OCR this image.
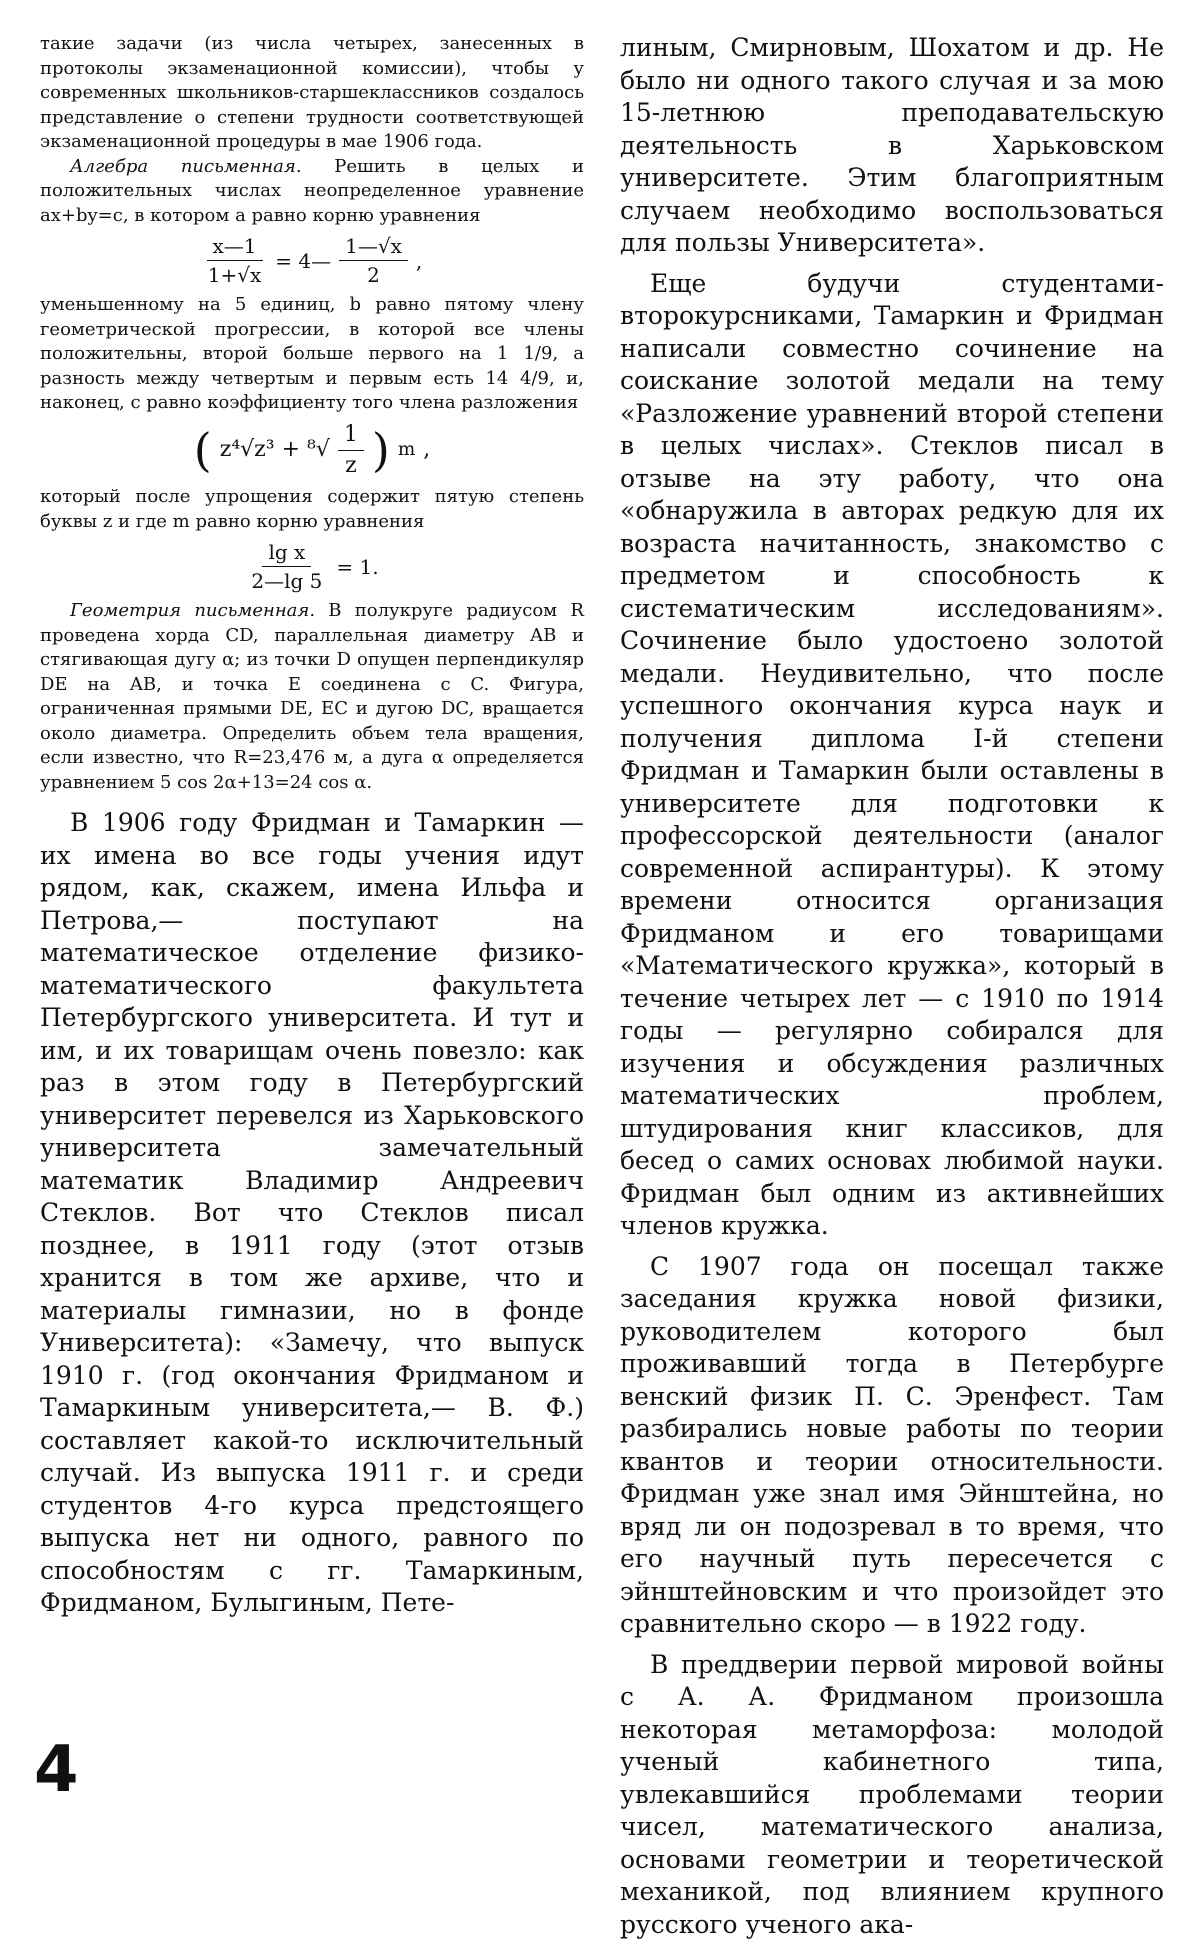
такие задачи (из числа четырех, занесенных в протоколы экзаменационной комиссии), чтобы у современных школьников-старшеклассников создалось представление о степени трудности соответствующей экзаменационной процедуры в мае 1906 года.

Алгебра письменная. Решить в целых и положительных числах неопределенное уравнение ax+by=c, в котором a равно корню уравнения

$\frac{x—1}{1+√x}$ = 4— $\frac{1—√x}{2}$ ,

уменьшенному на 5 единиц, b равно пятому члену геометрической прогрессии, в которой все члены положительны, второй больше первого на 1 1/9, а разность между четвертым и первым есть 14 4/9, и, наконец, c равно коэффициенту того члена разложения

( $z^4√z^3 + ^8√ \frac{1}{z}$ ) m ,

который после упрощения содержит пятую степень буквы z и где m равно корню уравнения

$\frac{\text{lg x}}{2—\lg 5} = 1$.

Геометрия письменная. В полукруге радиусом R проведена хорда CD, параллельная диаметру AB и стягивающая дугу α; из точки D опущен перпендикуляр DE на AB, и точка E соединена с C. Фигура, ограниченная прямыми DE, EC и дугою DC, вращается около диаметра. Определить объем тела вращения, если известно, что R=23,476 м, а дуга α определяется уравнением 5 cos 2α+13=24 cos α.

В 1906 году Фридман и Тамаркин — их имена во все годы учения идут рядом, как, скажем, имена Ильфа и Петрова,— поступают на математическое отделение физико-математического факультета Петербургского университета. И тут и им, и их товарищам очень повезло: как раз в этом году в Петербургский университет перевелся из Харьковского университета замечательный математик Владимир Андреевич Стеклов. Вот что Стеклов писал позднее, в 1911 году (этот отзыв хранится в том же архиве, что и материалы гимназии, но в фонде Университета): «Замечу, что выпуск 1910 г. (год окончания Фридманом и Тамаркиным университета,— В. Ф.) составляет какой-то исключительный случай. Из выпуска 1911 г. и среди студентов 4-го курса предстоящего выпуска нет ни одного, равного по способностям с гг. Тамаркиным, Фридманом, Булыгиным, Пете-

линым, Смирновым, Шохатом и др. Не было ни одного такого случая и за мою 15-летнюю преподавательскую деятельность в Харьковском университете. Этим благоприятным случаем необходимо воспользоваться для пользы Университета».

Еще будучи студентами-второкурсниками, Тамаркин и Фридман написали совместно сочинение на соискание золотой медали на тему «Разложение уравнений второй степени в целых числах». Стеклов писал в отзыве на эту работу, что она «обнаружила в авторах редкую для их возраста начитанность, знакомство с предметом и способность к систематическим исследованиям». Сочинение было удостоено золотой медали. Неудивительно, что после успешного окончания курса наук и получения диплома I-й степени Фридман и Тамаркин были оставлены в университете для подготовки к профессорской деятельности (аналог современной аспирантуры). К этому времени относится организация Фридманом и его товарищами «Математического кружка», который в течение четырех лет — с 1910 по 1914 годы — регулярно собирался для изучения и обсуждения различных математических проблем, штудирования книг классиков, для бесед о самих основах любимой науки. Фридман был одним из активнейших членов кружка.

С 1907 года он посещал также заседания кружка новой физики, руководителем которого был проживавший тогда в Петербурге венский физик П. С. Эренфест. Там разбирались новые работы по теории квантов и теории относительности. Фридман уже знал имя Эйнштейна, но вряд ли он подозревал в то время, что его научный путь пересечется с эйнштейновским и что произойдет это сравнительно скоро — в 1922 году.

В преддверии первой мировой войны с А. А. Фридманом произошла некоторая метаморфоза: молодой ученый кабинетного типа, увлекавшийся проблемами теории чисел, математического анализа, основами геометрии и теоретической механикой, под влиянием крупного русского ученого ака-

4
